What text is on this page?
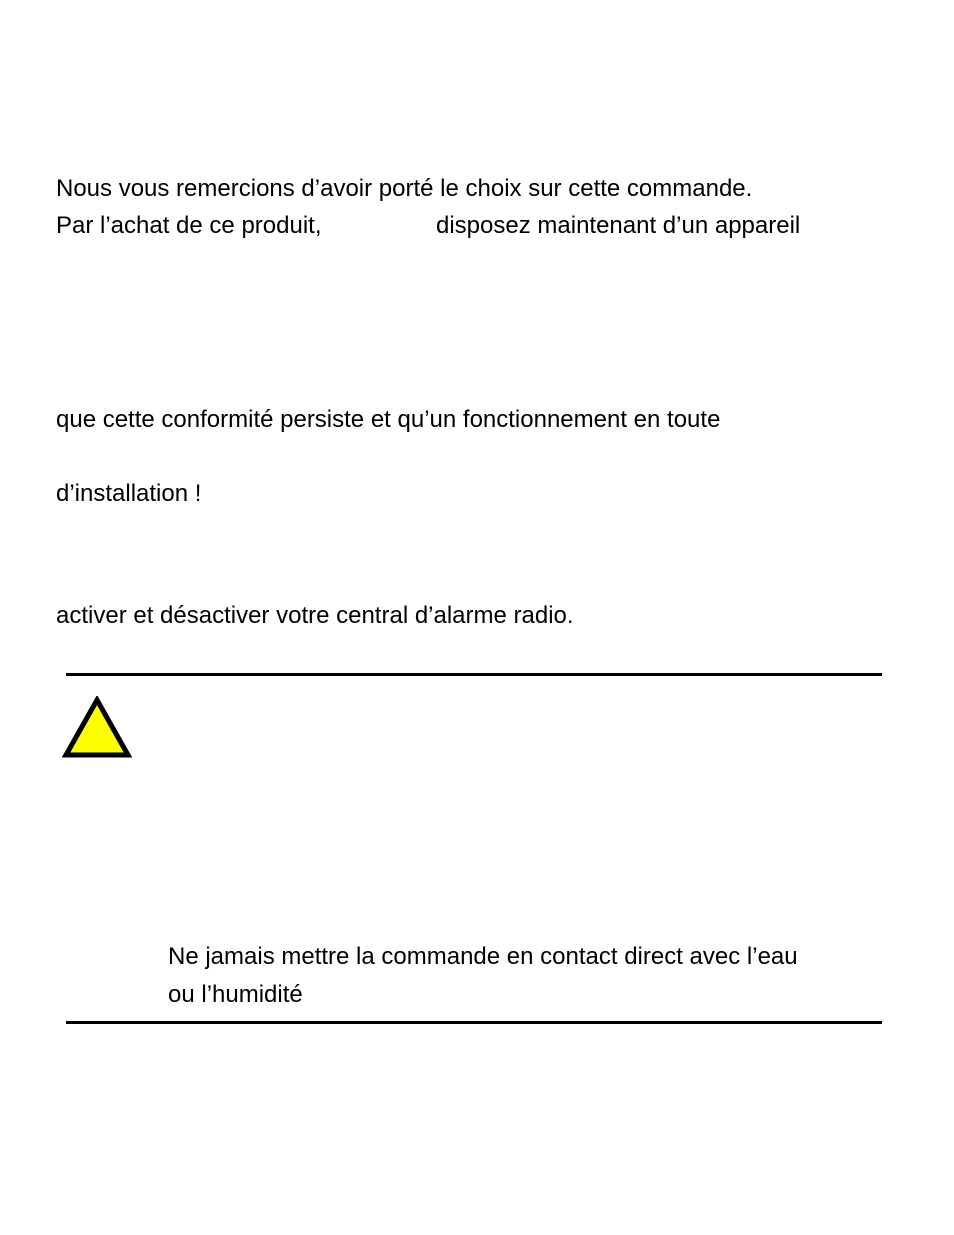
Nous vous remercions d’avoir porté le choix sur cette commande.

Par l’achat de ce produit,	disposez maintenant d’un appareil

que cette conformité persiste et qu’un fonctionnement en toute

d’installation !

activer et désactiver votre central d’alarme radio.

Ne jamais mettre la commande en contact direct avec l’eau

ou l’humidité
